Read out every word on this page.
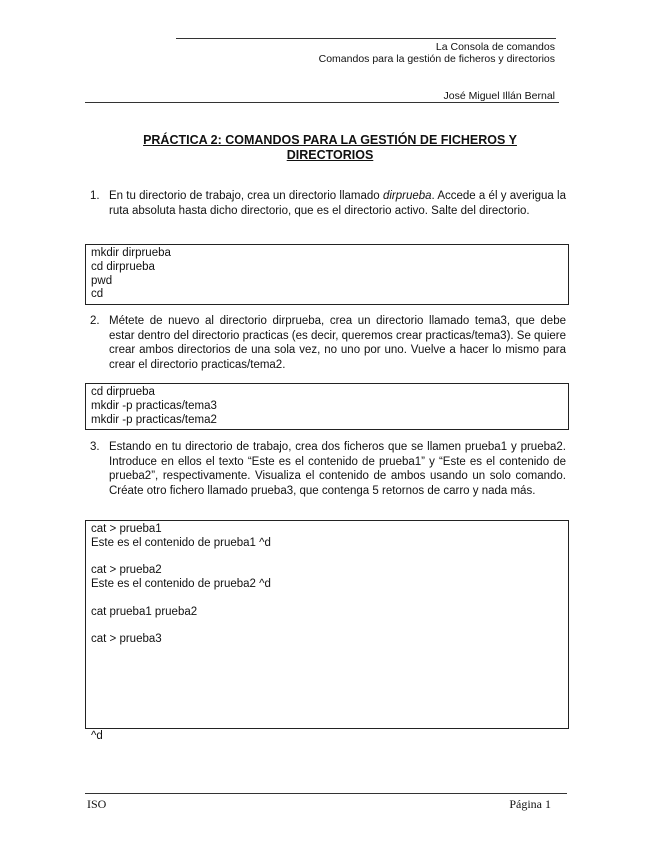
La Consola de comandos
Comandos para la gestión de ficheros y directorios
José Miguel Illán Bernal
PRÁCTICA 2: COMANDOS PARA LA GESTIÓN DE FICHEROS Y
DIRECTORIOS
1. En tu directorio de trabajo, crea un directorio llamado dirprueba. Accede a él y averigua la ruta absoluta hasta dicho directorio, que es el directorio activo. Salte del directorio.
mkdir dirprueba
cd dirprueba
pwd
cd
2. Métete de nuevo al directorio dirprueba, crea un directorio llamado tema3, que debe estar dentro del directorio practicas (es decir, queremos crear practicas/tema3). Se quiere crear ambos directorios de una sola vez, no uno por uno. Vuelve a hacer lo mismo para crear el directorio practicas/tema2.
cd dirprueba
mkdir -p practicas/tema3
mkdir -p practicas/tema2
3. Estando en tu directorio de trabajo, crea dos ficheros que se llamen prueba1 y prueba2. Introduce en ellos el texto “Este es el contenido de prueba1” y “Este es el contenido de prueba2”, respectivamente. Visualiza el contenido de ambos usando un solo comando. Créate otro fichero llamado prueba3, que contenga 5 retornos de carro y nada más.
cat > prueba1
Este es el contenido de prueba1 ^d
cat > prueba2
Este es el contenido de prueba2 ^d
cat prueba1 prueba2
cat > prueba3
^d
ISO	Página 1
